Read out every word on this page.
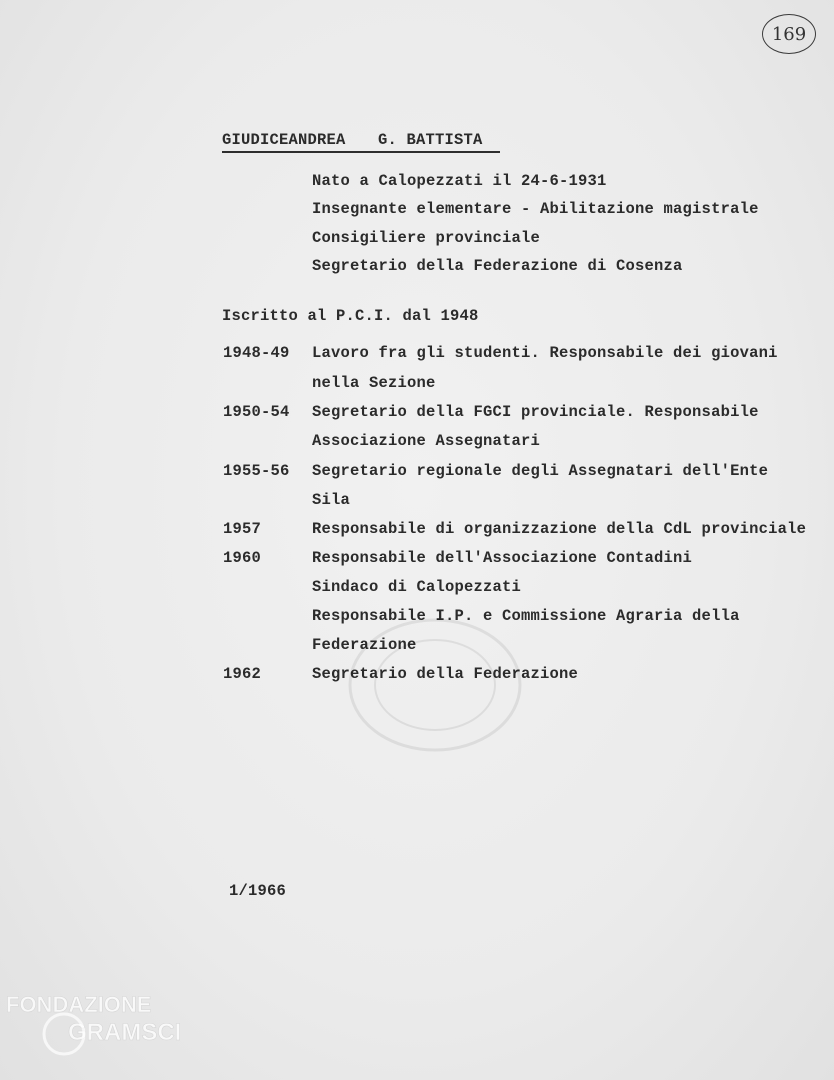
169
GIUDICEANDREA G. BATTISTA
Nato a Calopezzati il 24-6-1931
Insegnante elementare - Abilitazione magistrale
Consigiliere provinciale
Segretario della Federazione di Cosenza
Iscritto al P.C.I. dal 1948
1948-49 Lavoro fra gli studenti. Responsabile dei giovani
nella Sezione
1950-54 Segretario della FGCI provinciale. Responsabile
Associazione Assegnatari
1955-56 Segretario regionale degli Assegnatari dell'Ente
Sila
1957	Responsabile di organizzazione della CdL provinciale
1960	Responsabile dell'Associazione Contadini
Sindaco di Calopezzati
Responsabile I.P. e Commissione Agraria della
Federazione
1962	Segretario della Federazione
1/1966
FONDAZIONE
GRAMSCI
